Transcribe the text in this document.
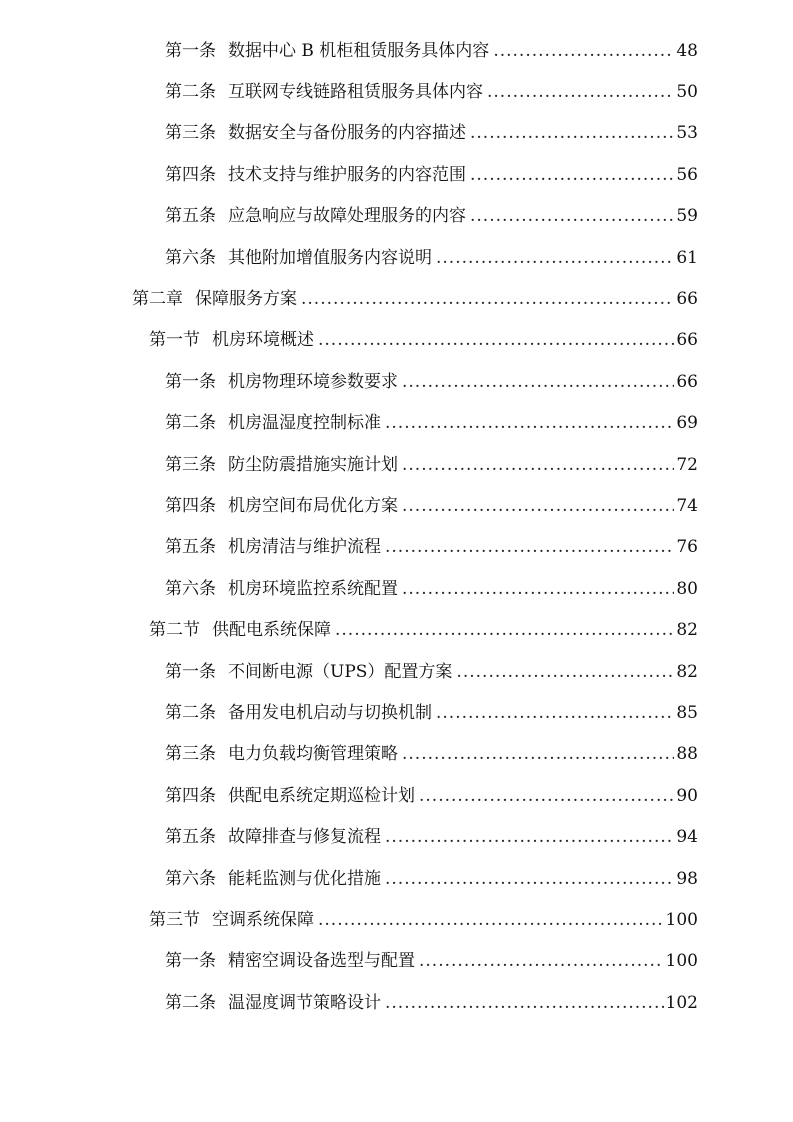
第一条 数据中心 B 机柜租赁服务具体内容 .....	48
第二条 互联网专线链路租赁服务具体内容 .....	50
第三条 数据安全与备份服务的内容描述 .....	53
第四条 技术支持与维护服务的内容范围 .....	56
第五条 应急响应与故障处理服务的内容 .....	59
第六条 其他附加增值服务内容说明 .....	61
第二章 保障服务方案 .....	66
第一节 机房环境概述 .....	66
第一条 机房物理环境参数要求 .....	66
第二条 机房温湿度控制标准 .....	69
第三条 防尘防震措施实施计划 .....	72
第四条 机房空间布局优化方案 .....	74
第五条 机房清洁与维护流程 .....	76
第六条 机房环境监控系统配置 .....	80
第二节 供配电系统保障 .....	82
第一条 不间断电源（UPS）配置方案 .....	82
第二条 备用发电机启动与切换机制 .....	85
第三条 电力负载均衡管理策略 .....	88
第四条 供配电系统定期巡检计划 .....	90
第五条 故障排查与修复流程 .....	94
第六条 能耗监测与优化措施 .....	98
第三节 空调系统保障 .....	100
第一条 精密空调设备选型与配置 .....	100
第二条 温湿度调节策略设计 .....	102
